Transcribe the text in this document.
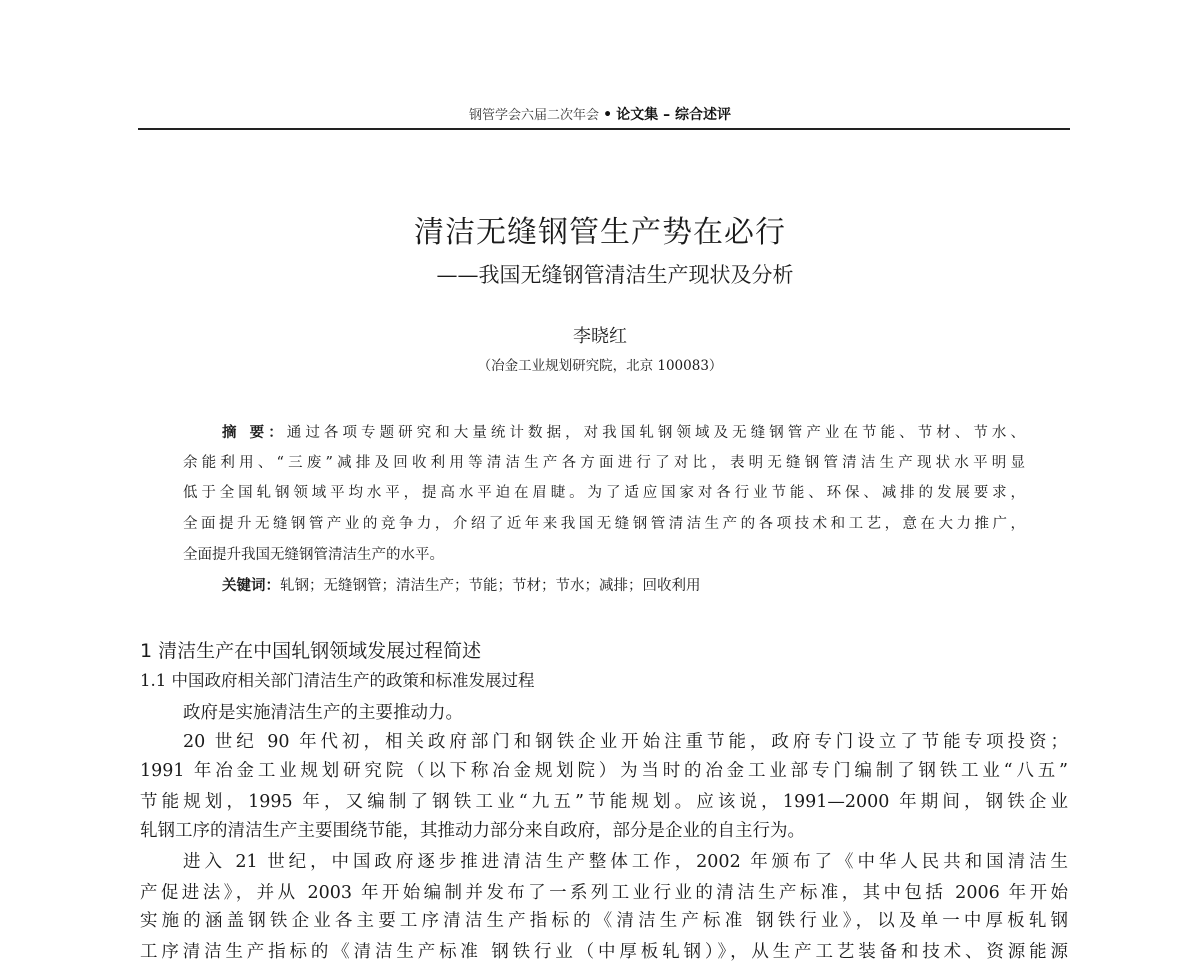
钢管学会六届二次年会 • 论文集 – 综合述评
清洁无缝钢管生产势在必行
——我国无缝钢管清洁生产现状及分析
李晓红
（冶金工业规划研究院，北京 100083）
摘 要：通过各项专题研究和大量统计数据，对我国轧钢领域及无缝钢管产业在节能、节材、节水、
余能利用、“三废”减排及回收利用等清洁生产各方面进行了对比，表明无缝钢管清洁生产现状水平明显
低于全国轧钢领域平均水平，提高水平迫在眉睫。为了适应国家对各行业节能、环保、减排的发展要求，
全面提升无缝钢管产业的竞争力，介绍了近年来我国无缝钢管清洁生产的各项技术和工艺，意在大力推广，
全面提升我国无缝钢管清洁生产的水平。
关键词：轧钢；无缝钢管；清洁生产；节能；节材；节水；减排；回收利用
1 清洁生产在中国轧钢领域发展过程简述
1.1 中国政府相关部门清洁生产的政策和标准发展过程
政府是实施清洁生产的主要推动力。
20 世纪 90 年代初，相关政府部门和钢铁企业开始注重节能，政府专门设立了节能专项投资；
1991 年冶金工业规划研究院（以下称冶金规划院）为当时的冶金工业部专门编制了钢铁工业“八五”
节能规划，1995 年，又编制了钢铁工业“九五”节能规划。应该说，1991—2000 年期间，钢铁企业
轧钢工序的清洁生产主要围绕节能，其推动力部分来自政府，部分是企业的自主行为。
进入 21 世纪，中国政府逐步推进清洁生产整体工作，2002 年颁布了《中华人民共和国清洁生
产促进法》，并从 2003 年开始编制并发布了一系列工业行业的清洁生产标准，其中包括 2006 年开始
实施的涵盖钢铁企业各主要工序清洁生产指标的《清洁生产标准 钢铁行业》，以及单一中厚板轧钢
工序清洁生产指标的《清洁生产标准 钢铁行业（中厚板轧钢）》，从生产工艺装备和技术、资源能源
